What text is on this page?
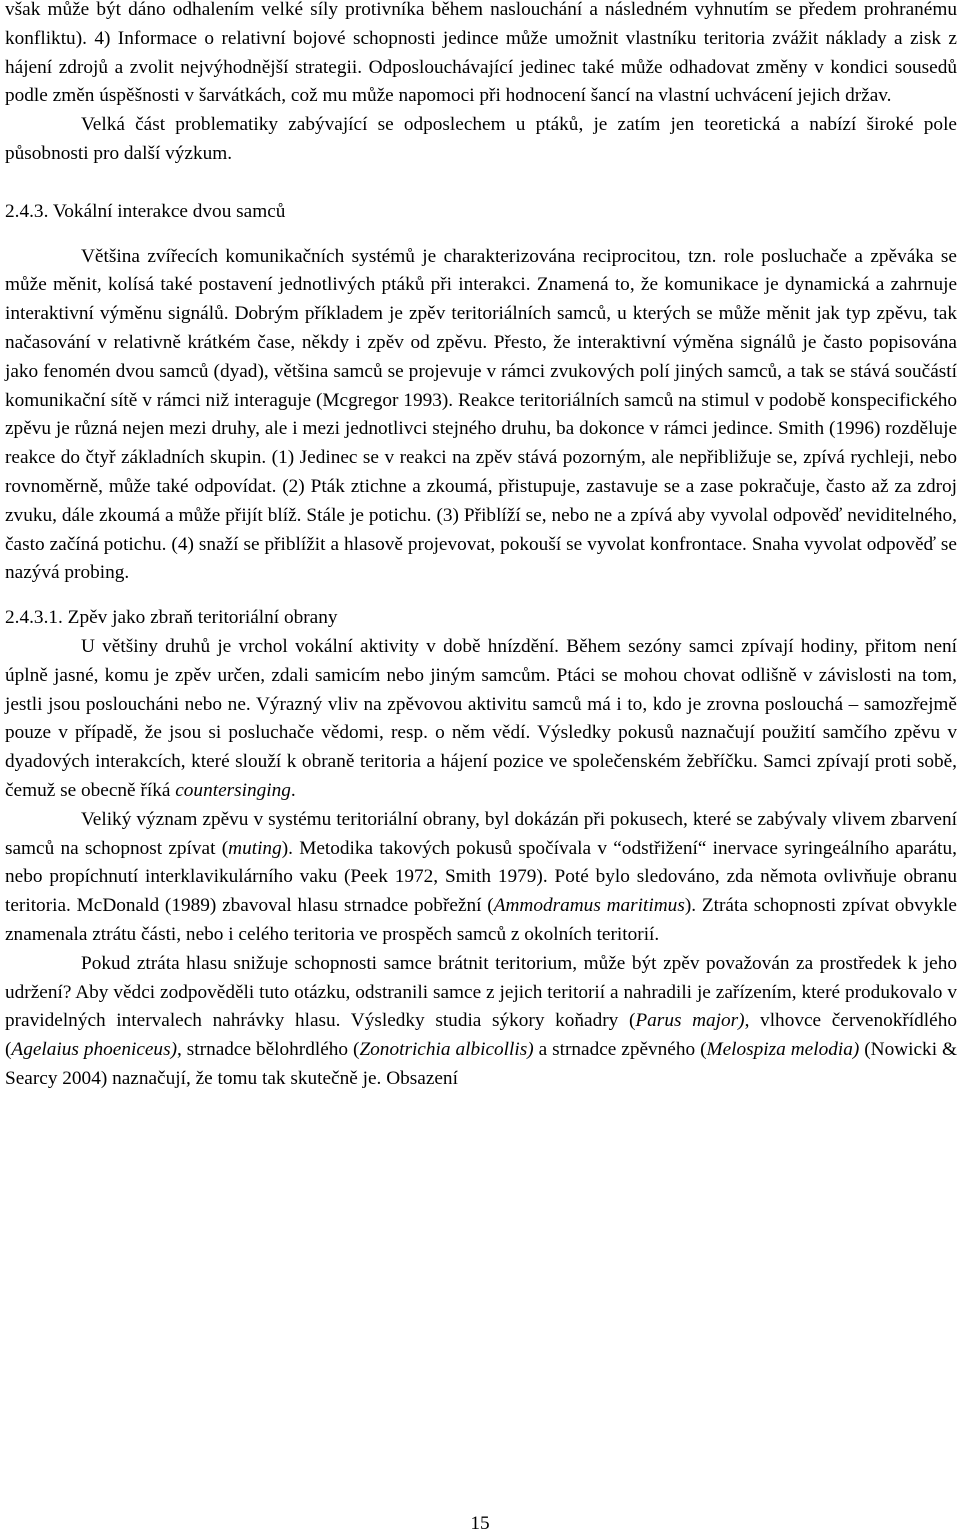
však může být dáno odhalením velké síly protivníka během naslouchání a následném vyhnutím se předem prohranému konfliktu). 4) Informace o relativní bojové schopnosti jedince může umožnit vlastníku teritoria zvážit náklady a zisk z hájení zdrojů a zvolit nejvýhodnější strategii. Odposlouchávající jedinec také může odhadovat změny v kondici sousedů podle změn úspěšnosti v šarvátkách, což mu může napomoci při hodnocení šancí na vlastní uchvácení jejich držav.

Velká část problematiky zabývající se odposlechem u ptáků, je zatím jen teoretická a nabízí široké pole působnosti pro další výzkum.

2.4.3. Vokální interakce dvou samců

Většina zvířecích komunikačních systémů je charakterizována reciprocitou, tzn. role posluchače a zpěváka se může měnit, kolísá také postavení jednotlivých ptáků při interakci. Znamená to, že komunikace je dynamická a zahrnuje interaktivní výměnu signálů. Dobrým příkladem je zpěv teritoriálních samců, u kterých se může měnit jak typ zpěvu, tak načasování v relativně krátkém čase, někdy i zpěv od zpěvu. Přesto, že interaktivní výměna signálů je často popisována jako fenomén dvou samců (dyad), většina samců se projevuje v rámci zvukových polí jiných samců, a tak se stává součástí komunikační sítě v rámci niž interaguje (Mcgregor 1993). Reakce teritoriálních samců na stimul v podobě konspecifického zpěvu je různá nejen mezi druhy, ale i mezi jednotlivci stejného druhu, ba dokonce v rámci jedince. Smith (1996) rozděluje reakce do čtyř základních skupin. (1) Jedinec se v reakci na zpěv stává pozorným, ale nepřibližuje se, zpívá rychleji, nebo rovnoměrně, může také odpovídat. (2) Pták ztichne a zkoumá, přistupuje, zastavuje se a zase pokračuje, často až za zdroj zvuku, dále zkoumá a může přijít blíž. Stále je potichu. (3) Přiblíží se, nebo ne a zpívá aby vyvolal odpověď neviditelného, často začíná potichu. (4) snaží se přiblížit a hlasově projevovat, pokouší se vyvolat konfrontace. Snaha vyvolat odpověď se nazývá probing.

2.4.3.1. Zpěv jako zbraň teritoriální obrany

U většiny druhů je vrchol vokální aktivity v době hnízdění. Během sezóny samci zpívají hodiny, přitom není úplně jasné, komu je zpěv určen, zdali samicím nebo jiným samcům. Ptáci se mohou chovat odlišně v závislosti na tom, jestli jsou posloucháni nebo ne. Výrazný vliv na zpěvovou aktivitu samců má i to, kdo je zrovna poslouchá – samozřejmě pouze v případě, že jsou si posluchače vědomi, resp. o něm vědí. Výsledky pokusů naznačují použití samčího zpěvu v dyadových interakcích, které slouží k obraně teritoria a hájení pozice ve společenském žebříčku. Samci zpívají proti sobě, čemuž se obecně říká countersinging.

Veliký význam zpěvu v systému teritoriální obrany, byl dokázán při pokusech, které se zabývaly vlivem zbarvení samců na schopnost zpívat (muting). Metodika takových pokusů spočívala v “odstřižení“ inervace syringeálního aparátu, nebo propíchnutí interklavikulárního vaku (Peek 1972, Smith 1979). Poté bylo sledováno, zda němota ovlivňuje obranu teritoria. McDonald (1989) zbavoval hlasu strnadce pobřežní (Ammodramus maritimus). Ztráta schopnosti zpívat obvykle znamenala ztrátu části, nebo i celého teritoria ve prospěch samců z okolních teritorií.

Pokud ztráta hlasu snižuje schopnosti samce brátnit teritorium, může být zpěv považován za prostředek k jeho udržení? Aby vědci zodpověděli tuto otázku, odstranili samce z jejich teritorií a nahradili je zařízením, které produkovalo v pravidelných intervalech nahrávky hlasu. Výsledky studia sýkory koňadry (Parus major), vlhovce červenokřídlého (Agelaius phoeniceus), strnadce bělohrdlého (Zonotrichia albicollis) a strnadce zpěvného (Melospiza melodia) (Nowicki & Searcy 2004) naznačují, že tomu tak skutečně je. Obsazení

15
